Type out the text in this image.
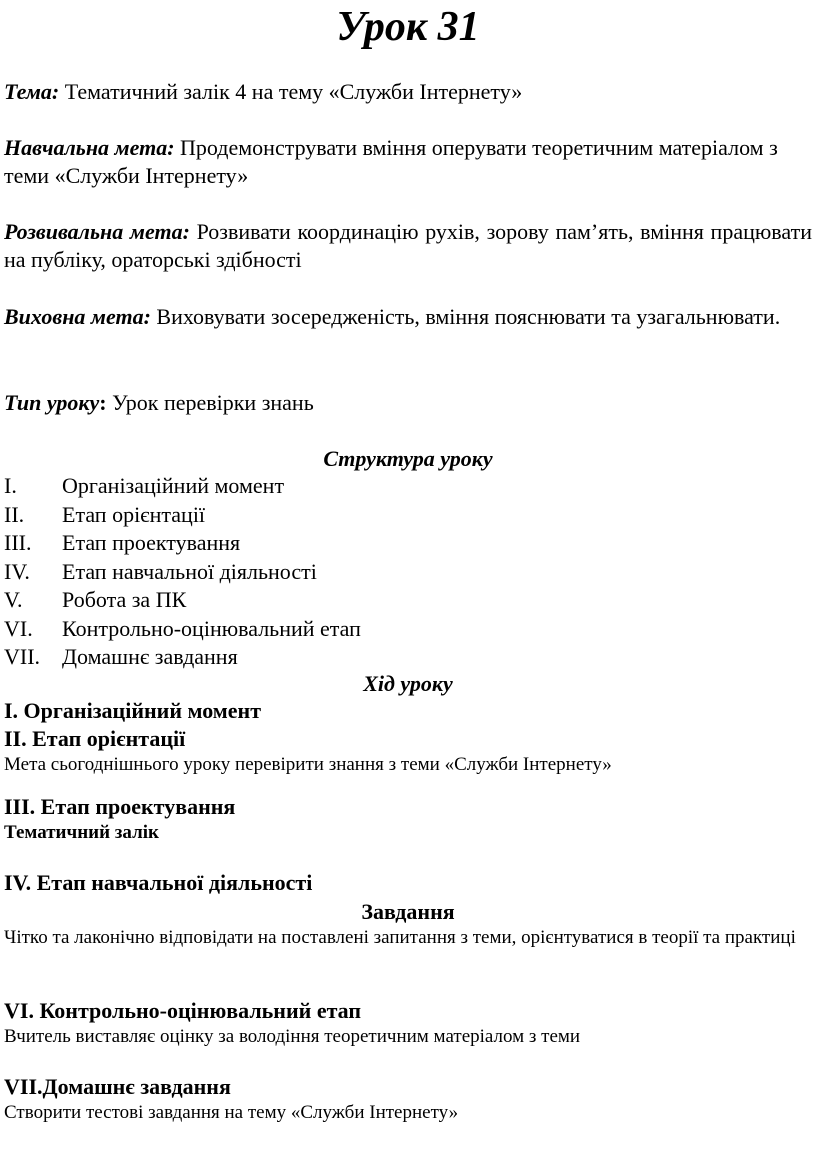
Урок 31
Тема: Тематичний залік 4 на тему «Служби Інтернету»
Навчальна мета: Продемонструвати вміння оперувати теоретичним матеріалом з теми «Служби Інтернету»
Розвивальна мета: Розвивати координацію рухів, зорову пам’ять, вміння працювати на публіку, ораторські здібності
Виховна мета: Виховувати зосередженість, вміння пояснювати та узагальнювати.
Тип уроку: Урок перевірки знань
Структура уроку
I. Організаційний момент
II. Етап орієнтації
III. Етап проектування
IV. Етап навчальної діяльності
V. Робота за ПК
VI. Контрольно-оцінювальний етап
VII. Домашнє завдання
Хід уроку
I. Організаційний момент
II. Етап орієнтації
Мета сьогоднішнього уроку перевірити знання з теми «Служби Інтернету»
III. Етап проектування
Тематичний залік
IV. Етап навчальної діяльності
Завдання
Чітко та лаконічно відповідати на поставлені запитання з теми, орієнтуватися в теорії та практиці
VI. Контрольно-оцінювальний етап
Вчитель виставляє оцінку за володіння теоретичним матеріалом з теми
VII.Домашнє завдання
Створити тестові завдання на тему «Служби Інтернету»
